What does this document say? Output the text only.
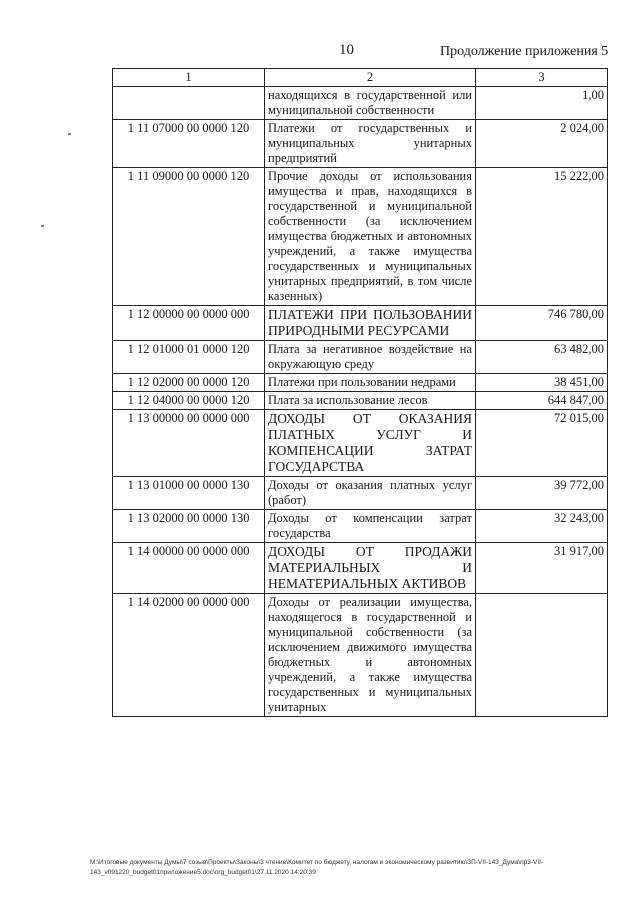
10	Продолжение приложения 5
1	2	3
	находящихся в государственной или муниципальной собственности	1,00
1 11 07000 00 0000 120	Платежи от государственных и муниципальных унитарных предприятий	2 024,00
1 11 09000 00 0000 120	Прочие доходы от использования имущества и прав, находящихся в государственной и муниципальной собственности (за исключением имущества бюджетных и автономных учреждений, а также имущества государственных и муниципальных унитарных предприятий, в том числе казенных)	15 222,00
1 12 00000 00 0000 000	ПЛАТЕЖИ ПРИ ПОЛЬЗОВАНИИ ПРИРОДНЫМИ РЕСУРСАМИ	746 780,00
1 12 01000 01 0000 120	Плата за негативное воздействие на окружающую среду	63 482,00
1 12 02000 00 0000 120	Платежи при пользовании недрами	38 451,00
1 12 04000 00 0000 120	Плата за использование лесов	644 847,00
1 13 00000 00 0000 000	ДОХОДЫ ОТ ОКАЗАНИЯ ПЛАТНЫХ УСЛУГ И КОМПЕНСАЦИИ ЗАТРАТ ГОСУДАРСТВА	72 015,00
1 13 01000 00 0000 130	Доходы от оказания платных услуг (работ)	39 772,00
1 13 02000 00 0000 130	Доходы от компенсации затрат государства	32 243,00
1 14 00000 00 0000 000	ДОХОДЫ ОТ ПРОДАЖИ МАТЕРИАЛЬНЫХ И НЕМАТЕРИАЛЬНЫХ АКТИВОВ	31 917,00
1 14 02000 00 0000 000	Доходы от реализации имущества, находящегося в государственной и муниципальной собственности (за исключением движимого имущества бюджетных и автономных учреждений, а также имущества государственных и муниципальных унитарных	
М:\Итоговые документы Думы\7 созыв\Проекты\Законы\3 чтение\Комитет по бюджету, налогам и экономическому развитию\ЗП-VII-143_Дума\пр3-VII-
143_v091220_budget01приложение5.doc\org_budget01\27.11.2020 14:20:39
